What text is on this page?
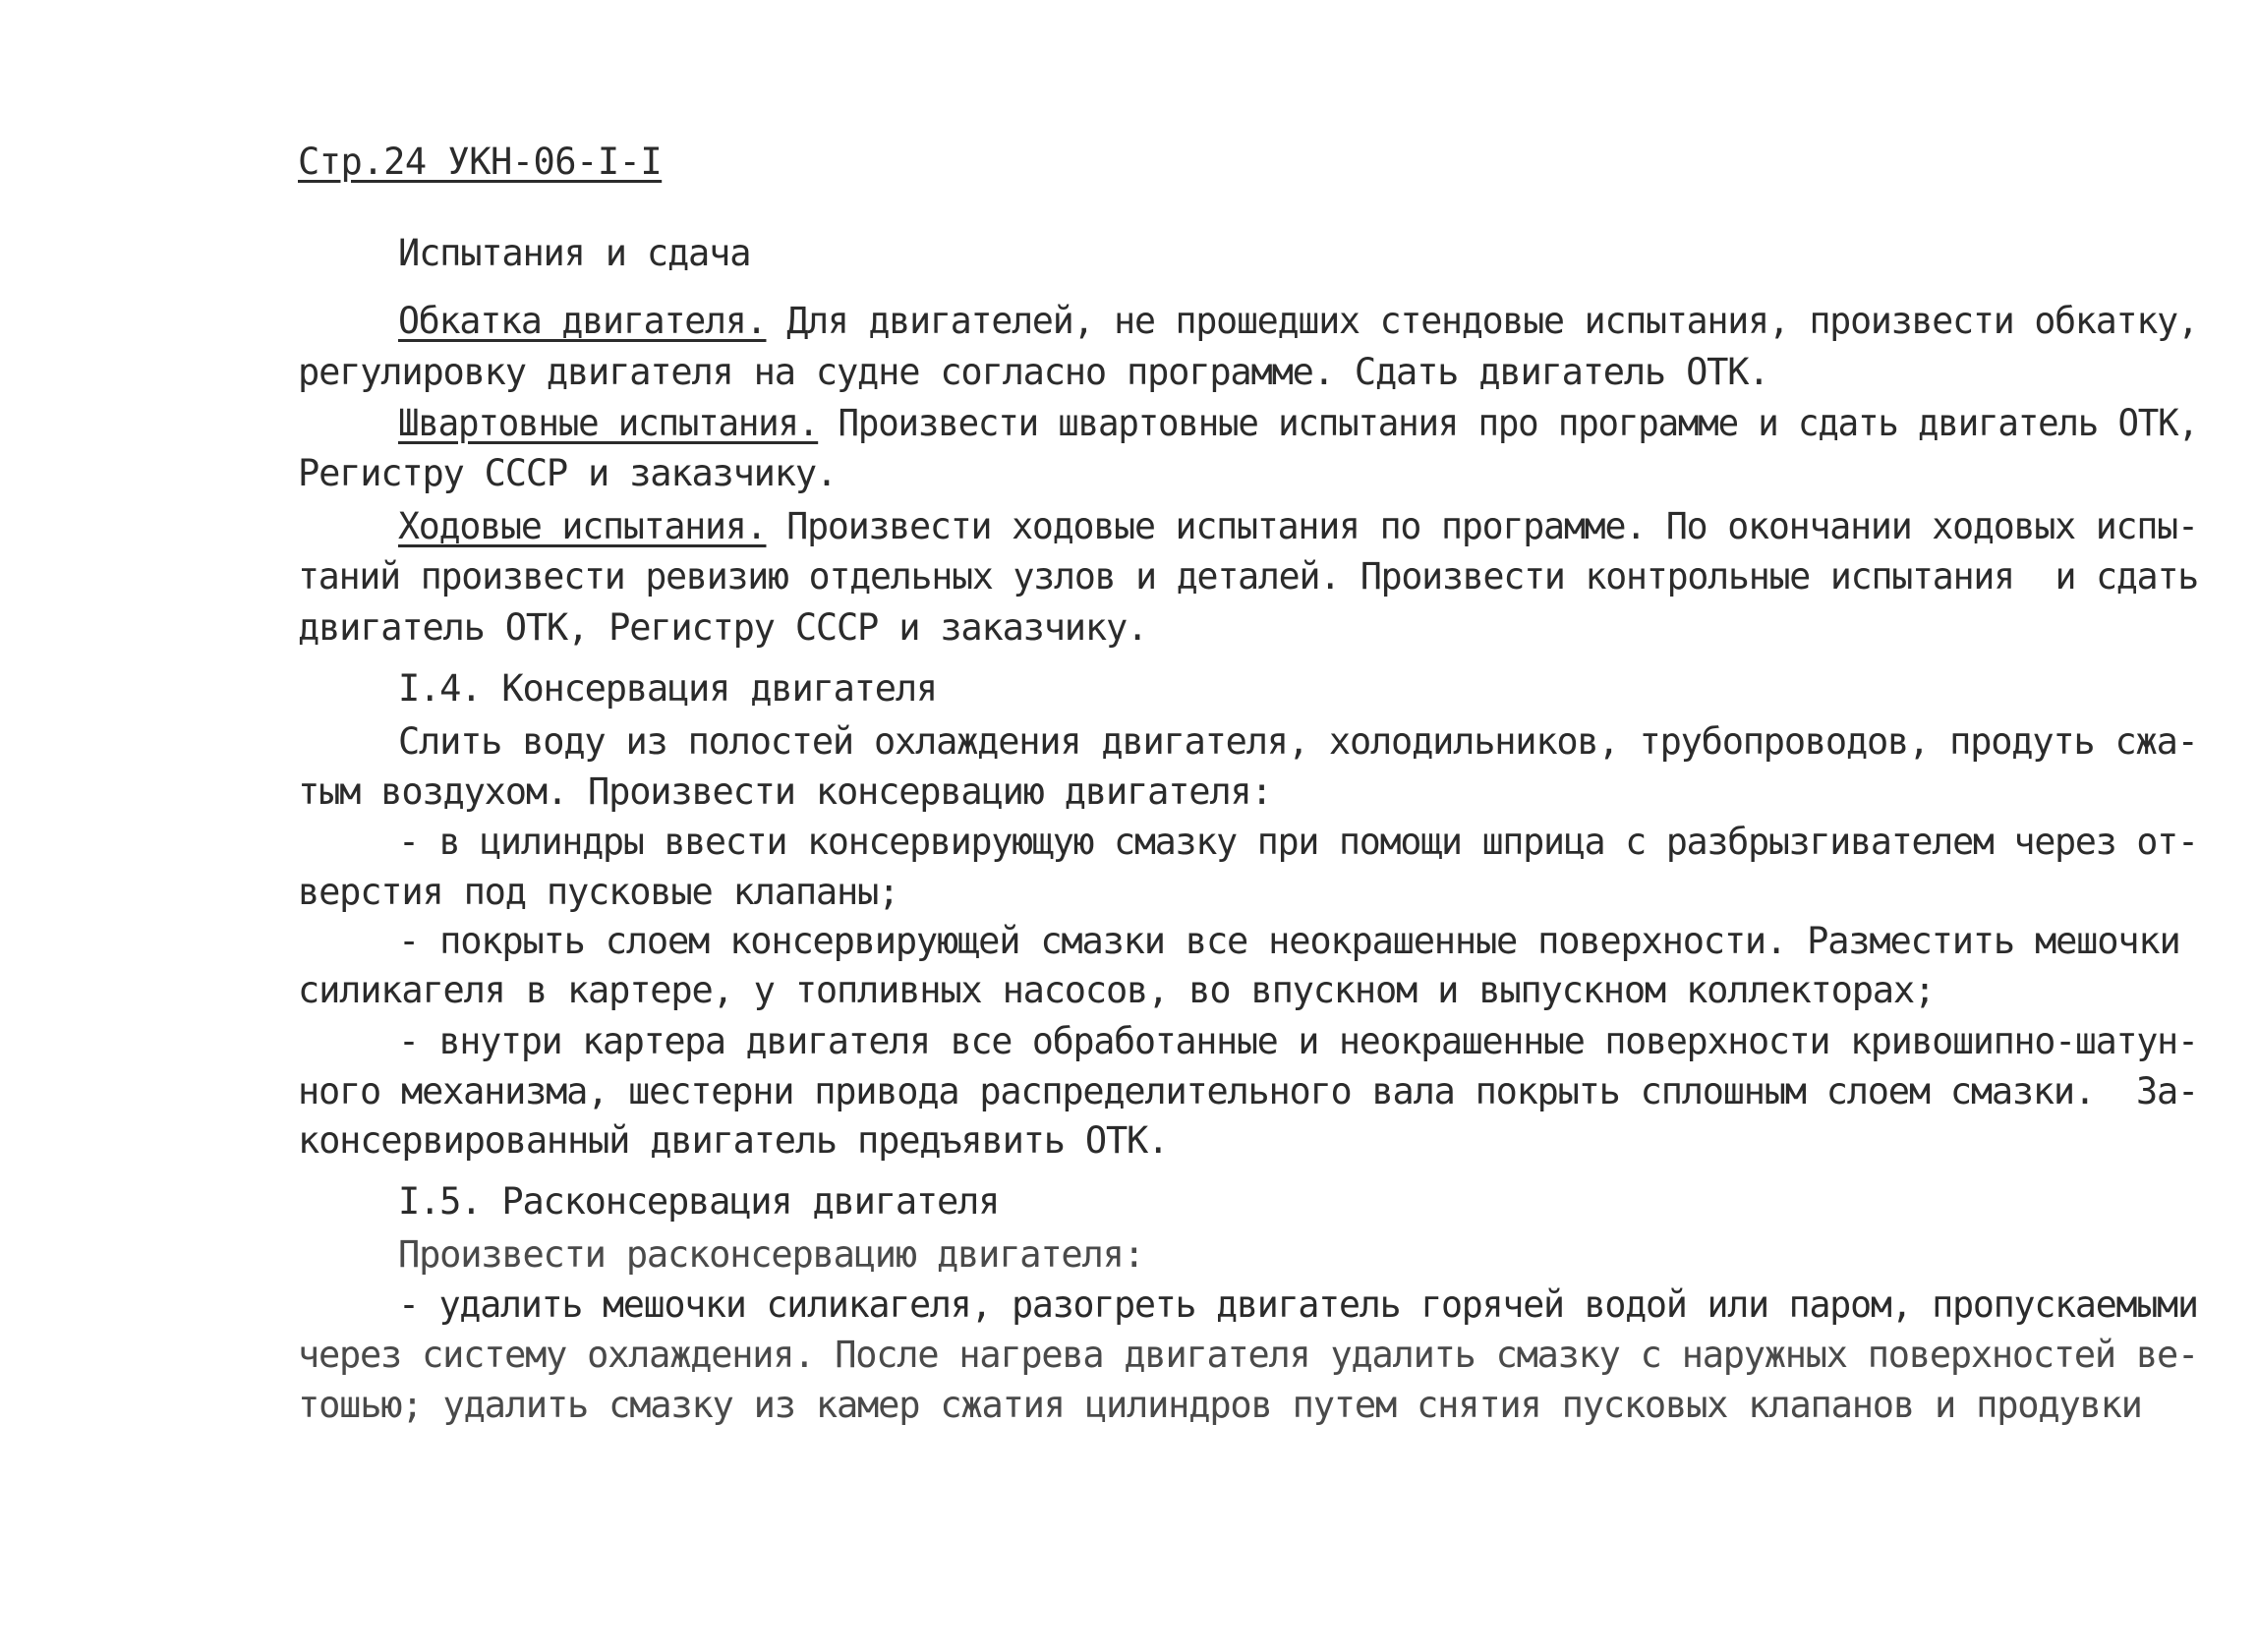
Стр.24 УКН-06-I-I
Испытания и сдача
Обкатка двигателя. Для двигателей, не прошедших стендовые испытания, произвести обкатку,
регулировку двигателя на судне согласно программе. Сдать двигатель ОТК.
Швартовные испытания. Произвести швартовные испытания про программе и сдать двигатель ОТК,
Регистру СССР и заказчику.
Ходовые испытания. Произвести ходовые испытания по программе. По окончании ходовых испы-
таний произвести ревизию отдельных узлов и деталей. Произвести контрольные испытания  и сдать
двигатель ОТК, Регистру СССР и заказчику.
I.4. Консервация двигателя
Слить воду из полостей охлаждения двигателя, холодильников, трубопроводов, продуть сжа-
тым воздухом. Произвести консервацию двигателя:
- в цилиндры ввести консервирующую смазку при помощи шприца с разбрызгивателем через от-
верстия под пусковые клапаны;
- покрыть слоем консервирующей смазки все неокрашенные поверхности. Разместить мешочки
силикагеля в картере, у топливных насосов, во впускном и выпускном коллекторах;
- внутри картера двигателя все обработанные и неокрашенные поверхности кривошипно-шатун-
ного механизма, шестерни привода распределительного вала покрыть сплошным слоем смазки.  За-
консервированный двигатель предъявить ОТК.
I.5. Расконсервация двигателя
Произвести расконсервацию двигателя:
- удалить мешочки силикагеля, разогреть двигатель горячей водой или паром, пропускаемыми
через систему охлаждения. После нагрева двигателя удалить смазку с наружных поверхностей ве-
тошью; удалить смазку из камер сжатия цилиндров путем снятия пусковых клапанов и продувки
